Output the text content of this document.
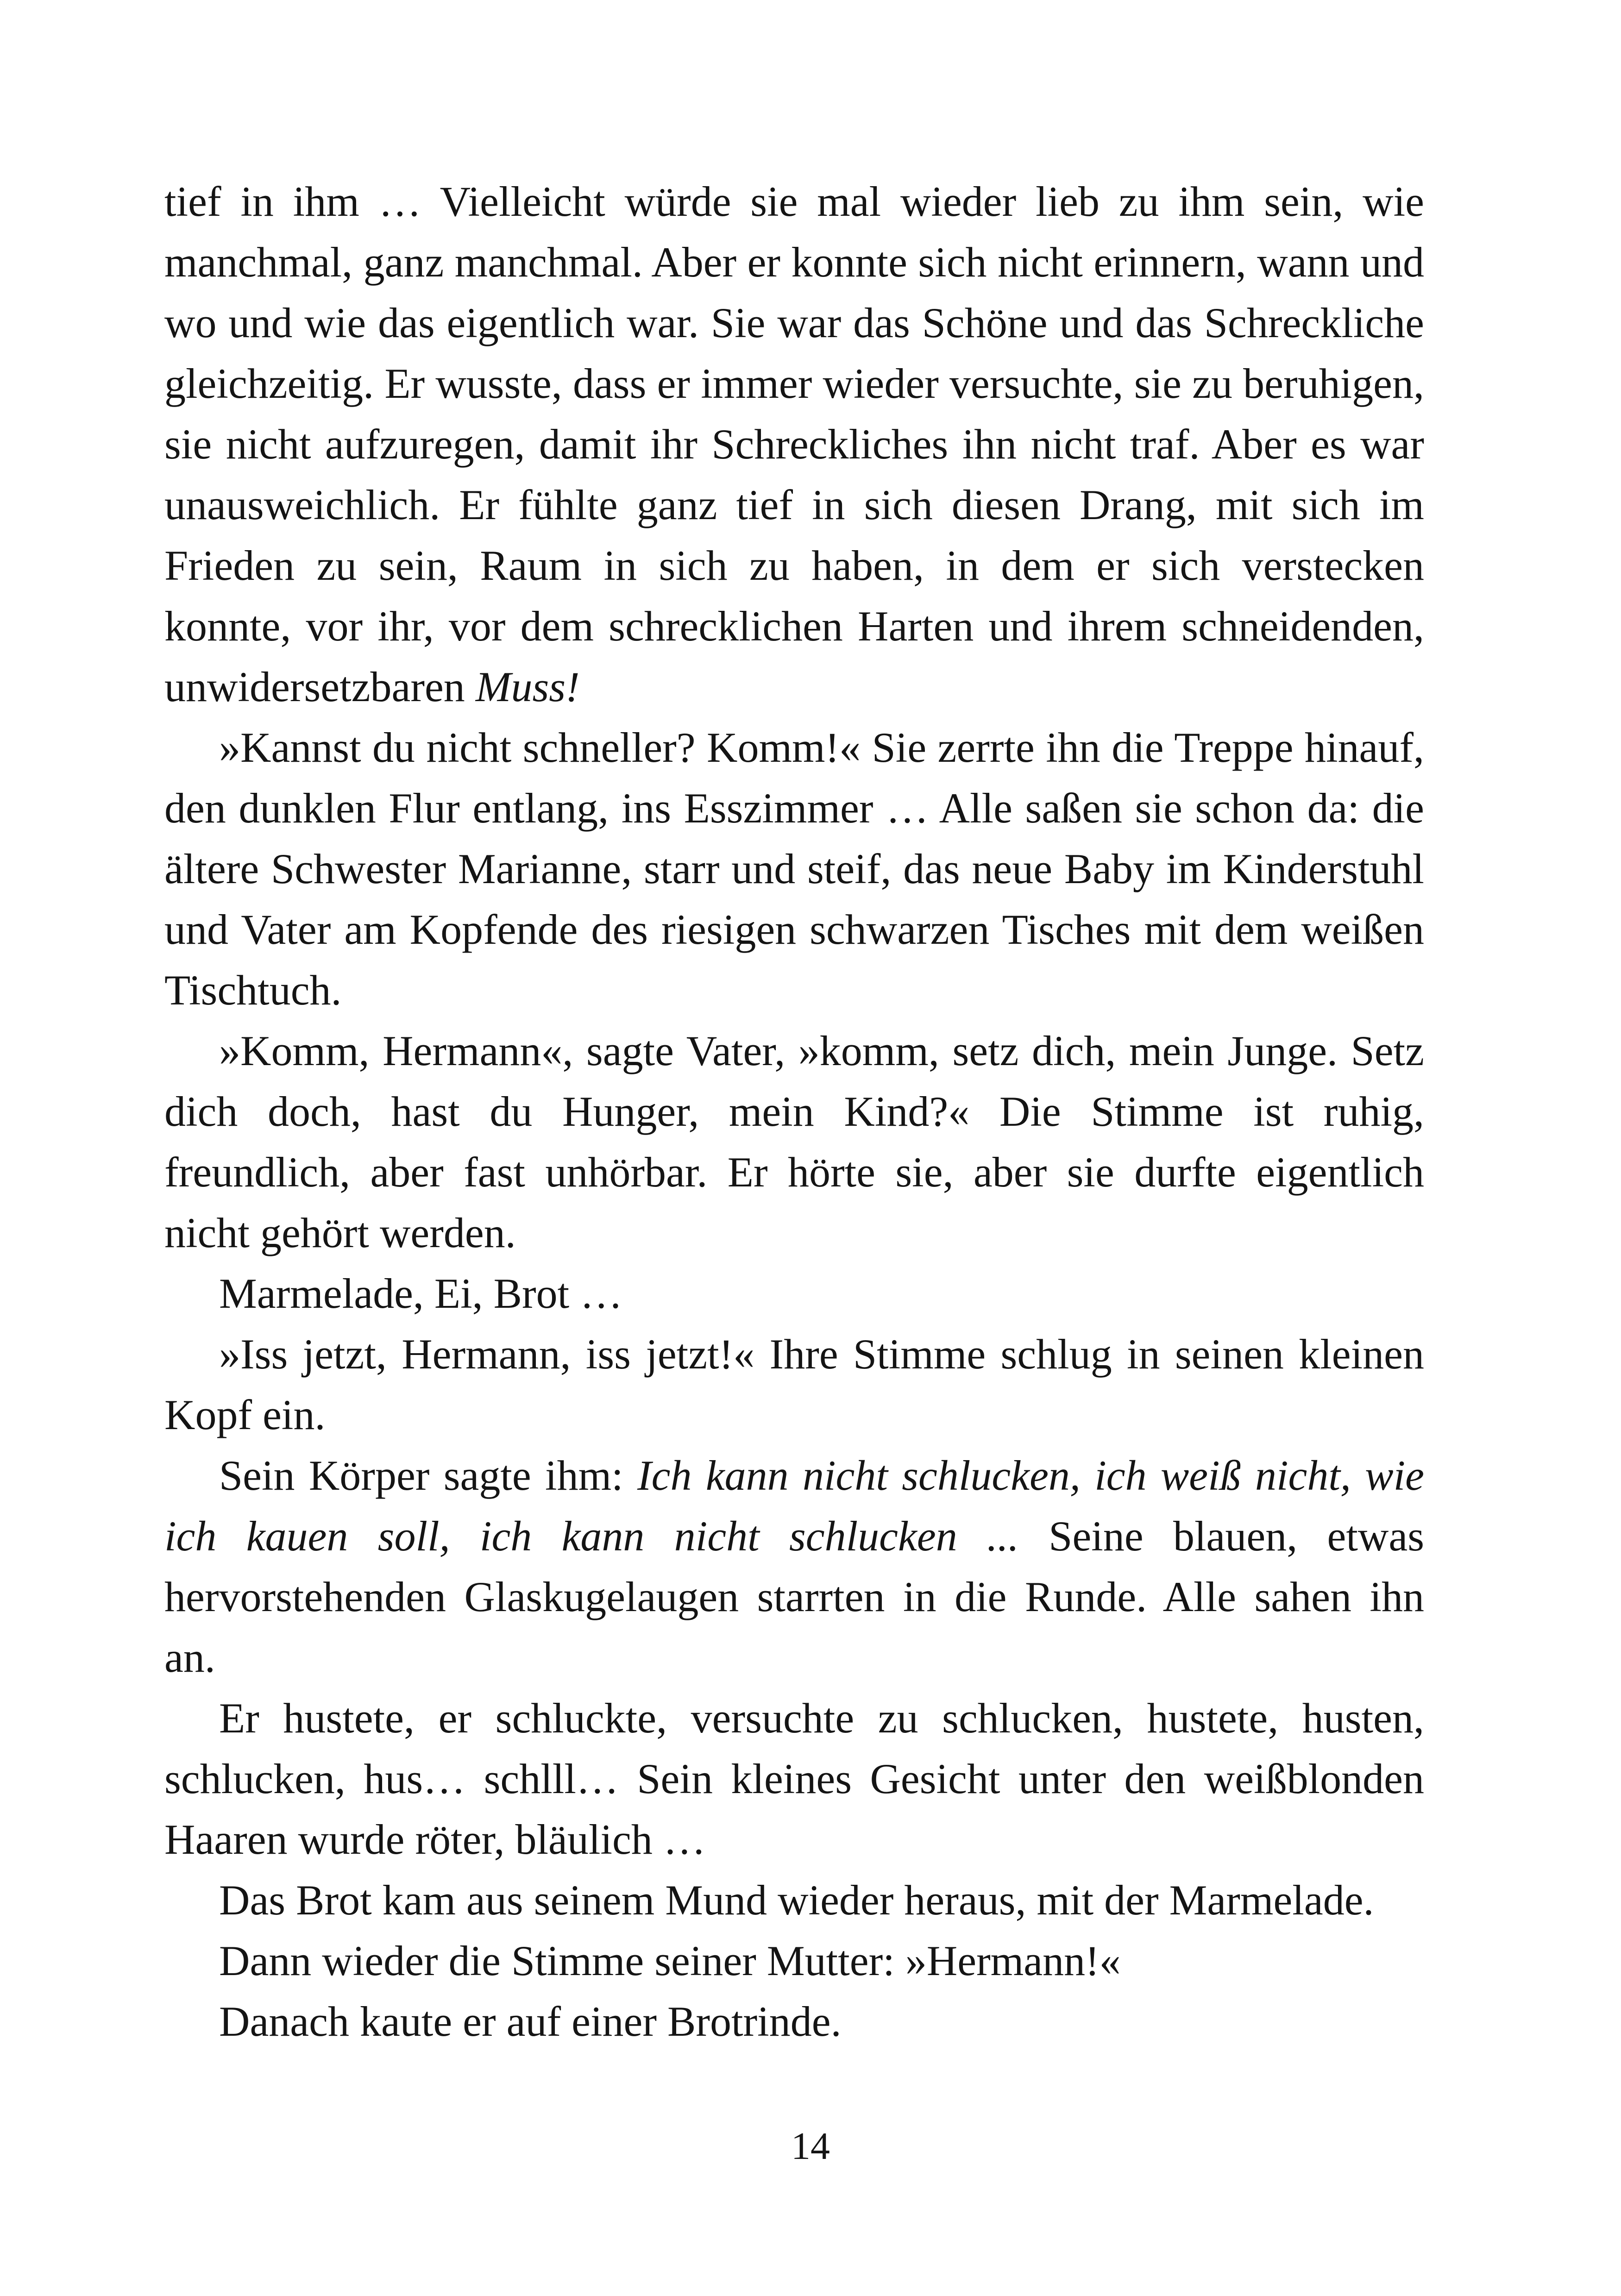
tief in ihm … Vielleicht würde sie mal wieder lieb zu ihm sein, wie manchmal, ganz manchmal. Aber er konnte sich nicht erinnern, wann und wo und wie das eigentlich war. Sie war das Schöne und das Schreckliche gleichzeitig. Er wusste, dass er immer wieder versuchte, sie zu beruhigen, sie nicht aufzuregen, damit ihr Schreckliches ihn nicht traf. Aber es war unausweichlich. Er fühlte ganz tief in sich diesen Drang, mit sich im Frieden zu sein, Raum in sich zu haben, in dem er sich verstecken konnte, vor ihr, vor dem schrecklichen Harten und ihrem schneidenden, unwidersetzbaren Muss!

»Kannst du nicht schneller? Komm!« Sie zerrte ihn die Treppe hinauf, den dunklen Flur entlang, ins Esszimmer … Alle saßen sie schon da: die ältere Schwester Marianne, starr und steif, das neue Baby im Kinderstuhl und Vater am Kopfende des riesigen schwarzen Tisches mit dem weißen Tischtuch.

»Komm, Hermann«, sagte Vater, »komm, setz dich, mein Junge. Setz dich doch, hast du Hunger, mein Kind?« Die Stimme ist ruhig, freundlich, aber fast unhörbar. Er hörte sie, aber sie durfte eigentlich nicht gehört werden.

Marmelade, Ei, Brot …

»Iss jetzt, Hermann, iss jetzt!« Ihre Stimme schlug in seinen kleinen Kopf ein.

Sein Körper sagte ihm: Ich kann nicht schlucken, ich weiß nicht, wie ich kauen soll, ich kann nicht schlucken ... Seine blauen, etwas hervorstehenden Glaskugelaugen starrten in die Runde. Alle sahen ihn an.

Er hustete, er schluckte, versuchte zu schlucken, hustete, husten, schlucken, hus… schlll… Sein kleines Gesicht unter den weißblonden Haaren wurde röter, bläulich …

Das Brot kam aus seinem Mund wieder heraus, mit der Marmelade.

Dann wieder die Stimme seiner Mutter: »Hermann!«

Danach kaute er auf einer Brotrinde.

14
